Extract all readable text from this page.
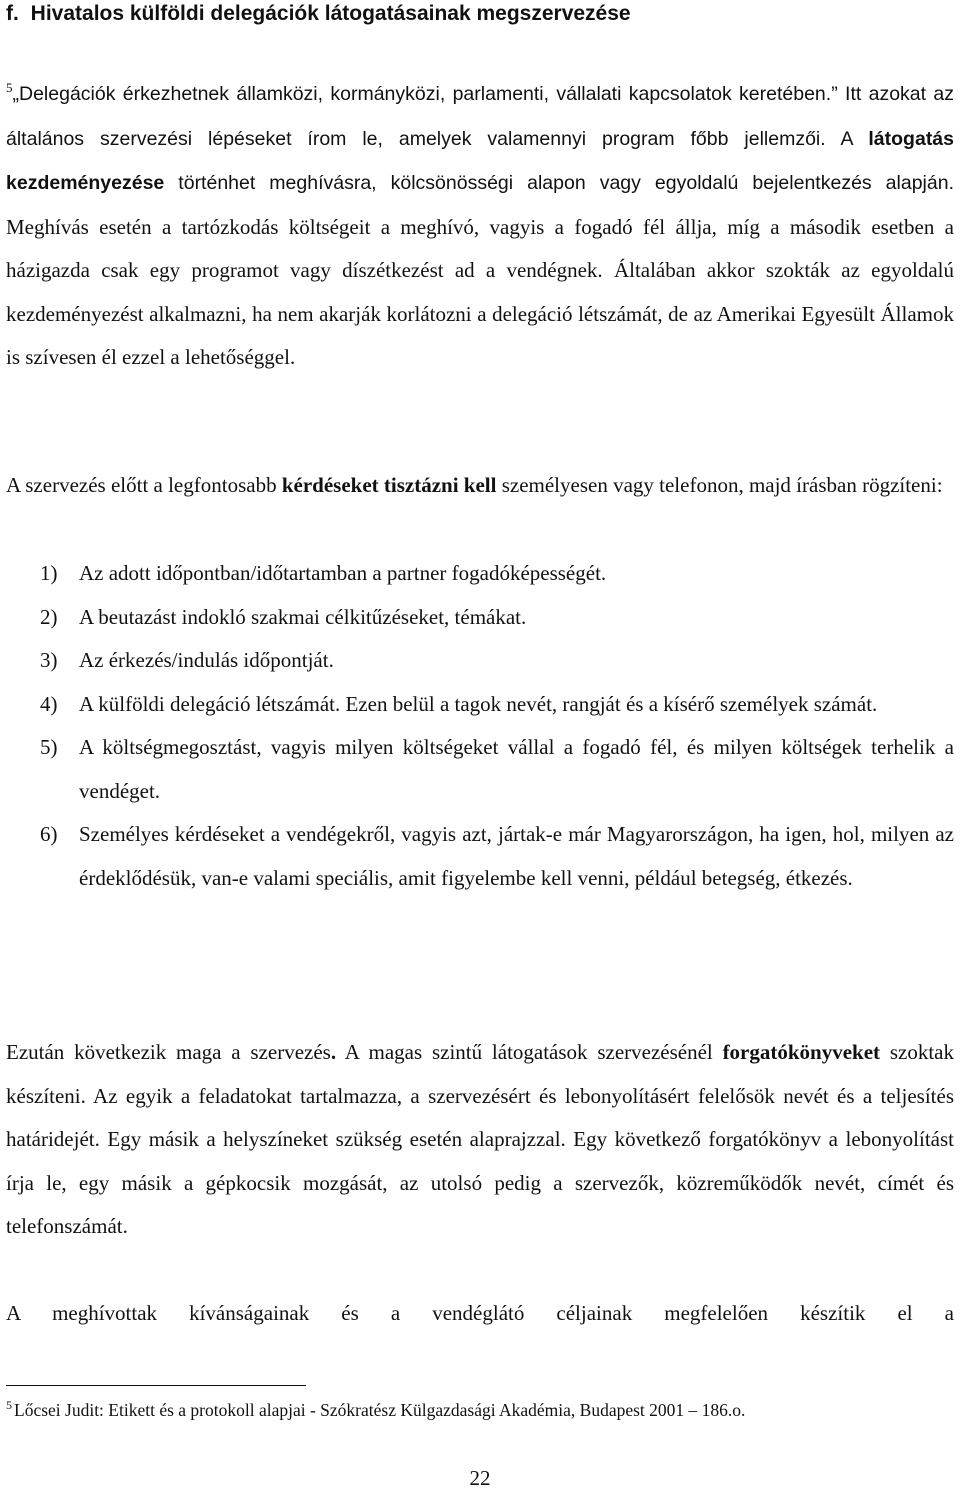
f. Hivatalos külföldi delegációk látogatásainak megszervezése

$^5$„Delegációk érkezhetnek államközi, kormányközi, parlamenti, vállalati kapcsolatok keretében.” Itt azokat az általános szervezési lépéseket írom le, amelyek valamennyi program főbb jellemzői. A látogatás kezdeményezése történhet meghívásra, kölcsönösségi alapon vagy egyoldalú bejelentkezés alapján. Meghívás esetén a tartózkodás költségeit a meghívó, vagyis a fogadó fél állja, míg a második esetben a házigazda csak egy programot vagy díszétkezést ad a vendégnek. Általában akkor szokták az egyoldalú kezdeményezést alkalmazni, ha nem akarják korlátozni a delegáció létszámát, de az Amerikai Egyesült Államok is szívesen él ezzel a lehetőséggel.

A szervezés előtt a legfontosabb kérdéseket tisztázni kell személyesen vagy telefonon, majd írásban rögzíteni:

1) Az adott időpontban/időtartamban a partner fogadóképességét.
2) A beutazást indokló szakmai célkitűzéseket, témákat.
3) Az érkezés/indulás időpontját.
4) A külföldi delegáció létszámát. Ezen belül a tagok nevét, rangját és a kísérő személyek számát.
5) A költségmegosztást, vagyis milyen költségeket vállal a fogadó fél, és milyen költségek terhelik a vendéget.
6) Személyes kérdéseket a vendégekről, vagyis azt, jártak-e már Magyarországon, ha igen, hol, milyen az érdeklődésük, van-e valami speciális, amit figyelembe kell venni, például betegség, étkezés.

Ezután következik maga a szervezés. A magas szintű látogatások szervezésénél forgatókönyveket szoktak készíteni. Az egyik a feladatokat tartalmazza, a szervezésért és lebonyolításért felelősök nevét és a teljesítés határidejét. Egy másik a helyszíneket szükség esetén alaprajzzal. Egy következő forgatókönyv a lebonyolítást írja le, egy másik a gépkocsik mozgását, az utolsó pedig a szervezők, közreműködők nevét, címét és telefonszámát.

A meghívottak kívánságainak és a vendéglátó céljainak megfelelően készítik el a

$^5$ Lőcsei Judit: Etikett és a protokoll alapjai - Szókratész Külgazdasági Akadémia, Budapest 2001 – 186.o.
22
